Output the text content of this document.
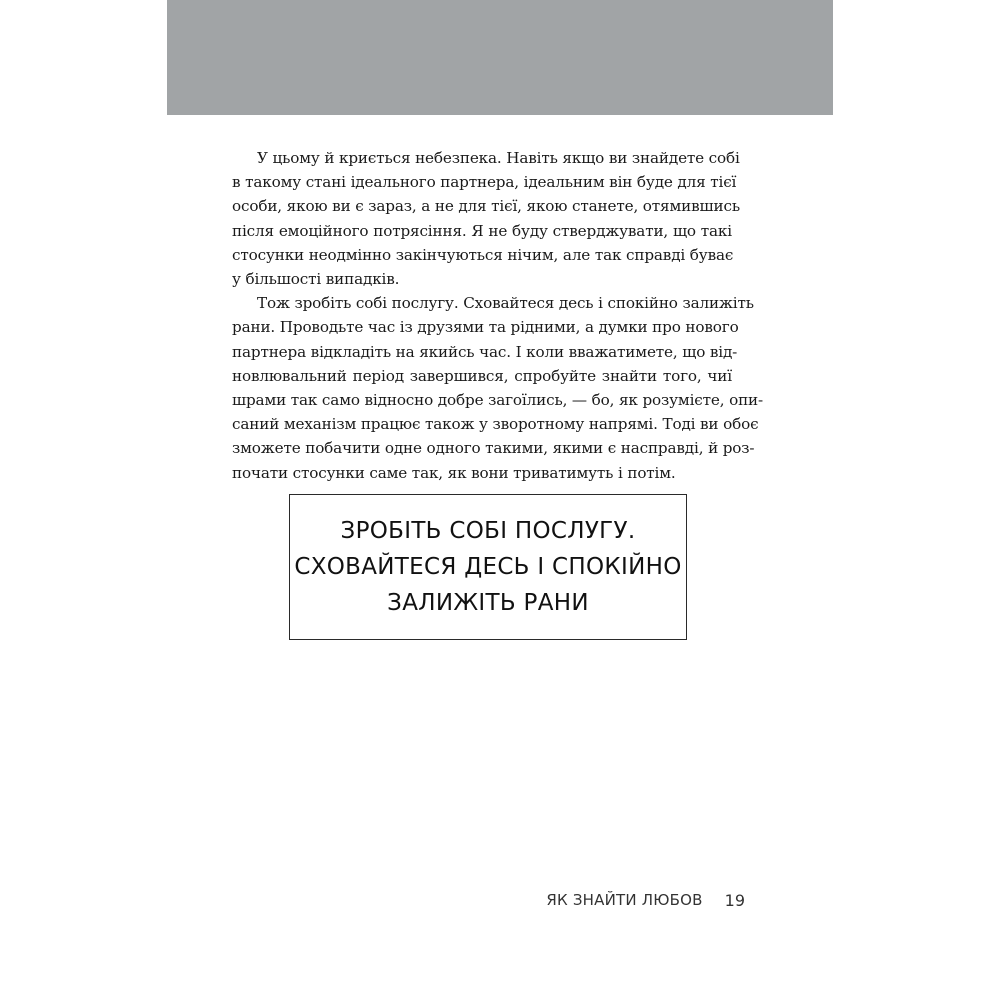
У цьому й криється небезпека. Навіть якщо ви знайдете собі
в такому стані ідеального партнера, ідеальним він буде для тієї
особи, якою ви є зараз, а не для тієї, якою станете, отямившись
після емоційного потрясіння. Я не буду стверджувати, що такі
стосунки неодмінно закінчуються нічим, але так справді буває
у більшості випадків.
Тож зробіть собі послугу. Сховайтеся десь і спокійно залижіть
рани. Проводьте час із друзями та рідними, а думки про нового
партнера відкладіть на якийсь час. І коли вважатимете, що від-
новлювальний період завершився, спробуйте знайти того, чиї
шрами так само відносно добре загоїлись, — бо, як розумієте, опи-
саний механізм працює також у зворотному напрямі. Тоді ви обоє
зможете побачити одне одного такими, якими є насправді, й роз-
почати стосунки саме так, як вони триватимуть і потім.
ЗРОБІТЬ СОБІ ПОСЛУГУ.
СХОВАЙТЕСЯ ДЕСЬ І СПОКІЙНО
ЗАЛИЖІТЬ РАНИ
ЯК ЗНАЙТИ ЛЮБОВ 19
